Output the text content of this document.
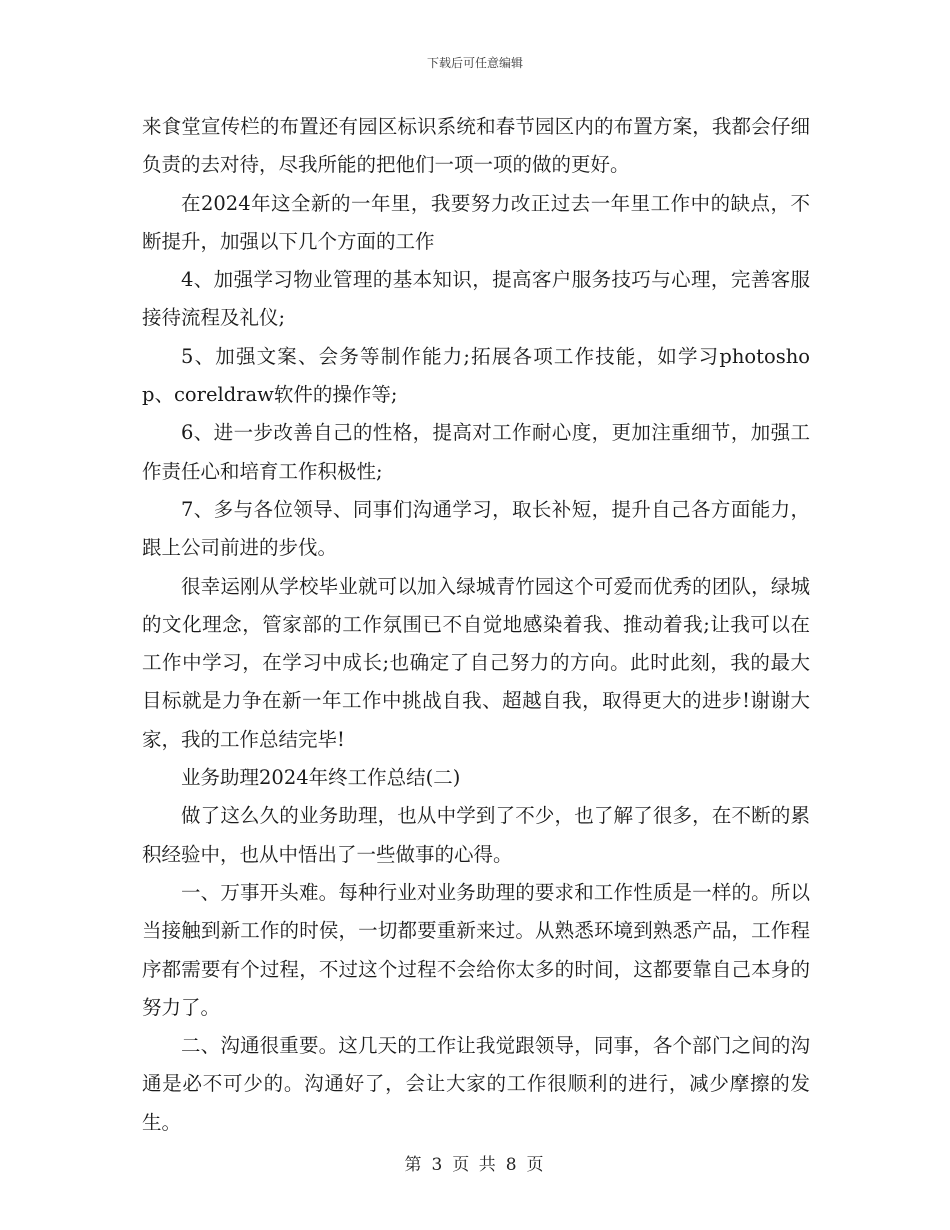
下载后可任意编辑

来食堂宣传栏的布置还有园区标识系统和春节园区内的布置方案，我都会仔细负责的去对待，尽我所能的把他们一项一项的做的更好。

在2024年这全新的一年里，我要努力改正过去一年里工作中的缺点，不断提升，加强以下几个方面的工作

4、加强学习物业管理的基本知识，提高客户服务技巧与心理，完善客服接待流程及礼仪;

5、加强文案、会务等制作能力;拓展各项工作技能，如学习photoshop、coreldraw软件的操作等;

6、进一步改善自己的性格，提高对工作耐心度，更加注重细节，加强工作责任心和培育工作积极性;

7、多与各位领导、同事们沟通学习，取长补短，提升自己各方面能力，跟上公司前进的步伐。

很幸运刚从学校毕业就可以加入绿城青竹园这个可爱而优秀的团队，绿城的文化理念，管家部的工作氛围已不自觉地感染着我、推动着我;让我可以在工作中学习，在学习中成长;也确定了自己努力的方向。此时此刻，我的最大目标就是力争在新一年工作中挑战自我、超越自我，取得更大的进步!谢谢大家，我的工作总结完毕!

业务助理2024年终工作总结(二)

做了这么久的业务助理，也从中学到了不少，也了解了很多，在不断的累积经验中，也从中悟出了一些做事的心得。

一、万事开头难。每种行业对业务助理的要求和工作性质是一样的。所以当接触到新工作的时侯，一切都要重新来过。从熟悉环境到熟悉产品，工作程序都需要有个过程，不过这个过程不会给你太多的时间，这都要靠自己本身的努力了。

二、沟通很重要。这几天的工作让我觉跟领导，同事，各个部门之间的沟通是必不可少的。沟通好了，会让大家的工作很顺利的进行，减少摩擦的发生。

第 3 页 共 8 页
